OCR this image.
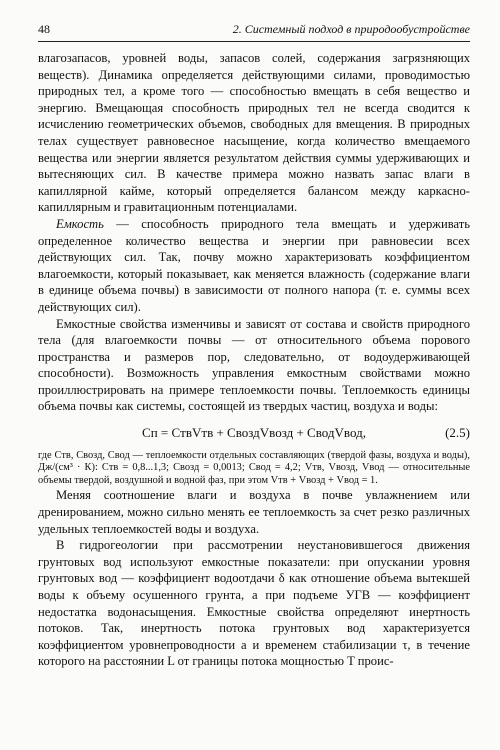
48	2. Системный подход в природообустройстве

влагозапасов, уровней воды, запасов солей, содержания загрязняющих веществ). Динамика определяется действующими силами, проводимостью природных тел, а кроме того — способностью вмещать в себя вещество и энергию. Вмещающая способность природных тел не всегда сводится к исчислению геометрических объемов, свободных для вмещения. В природных телах существует равновесное насыщение, когда количество вмещаемого вещества или энергии является результатом действия суммы удерживающих и вытесняющих сил. В качестве примера можно назвать запас влаги в капиллярной кайме, который определяется балансом между каркасно-капиллярным и гравитационным потенциалами.

Емкость — способность природного тела вмещать и удерживать определенное количество вещества и энергии при равновесии всех действующих сил. Так, почву можно характеризовать коэффициентом влагоемкости, который показывает, как меняется влажность (содержание влаги в единице объема почвы) в зависимости от полного напора (т. е. суммы всех действующих сил).

Емкостные свойства изменчивы и зависят от состава и свойств природного тела (для влагоемкости почвы — от относительного объема порового пространства и размеров пор, следовательно, от водоудерживающей способности). Возможность управления емкостным свойствами можно проиллюстрировать на примере теплоемкости почвы. Теплоемкость единицы объема почвы как системы, состоящей из твердых частиц, воздуха и воды:

Cп = CтвVтв + CвоздVвозд + CводVвод,	(2.5)

где Cтв, Cвозд, Cвод — теплоемкости отдельных составляющих (твердой фазы, воздуха и воды), Дж/(см³ · К): Cтв = 0,8...1,3; Cвозд = 0,0013; Cвод = 4,2; Vтв, Vвозд, Vвод — относительные объемы твердой, воздушной и водной фаз, при этом Vтв + Vвозд + Vвод = 1.

Меняя соотношение влаги и воздуха в почве увлажнением или дренированием, можно сильно менять ее теплоемкость за счет резко различных удельных теплоемкостей воды и воздуха.

В гидрогеологии при рассмотрении неустановившегося движения грунтовых вод используют емкостные показатели: при опускании уровня грунтовых вод — коэффициент водоотдачи δ как отношение объема вытекшей воды к объему осушенного грунта, а при подъеме УГВ — коэффициент недостатка водонасыщения. Емкостные свойства определяют инертность потоков. Так, инертность потока грунтовых вод характеризуется коэффициентом уровнепроводности a и временем стабилизации τ, в течение которого на расстоянии L от границы потока мощностью T проис-
